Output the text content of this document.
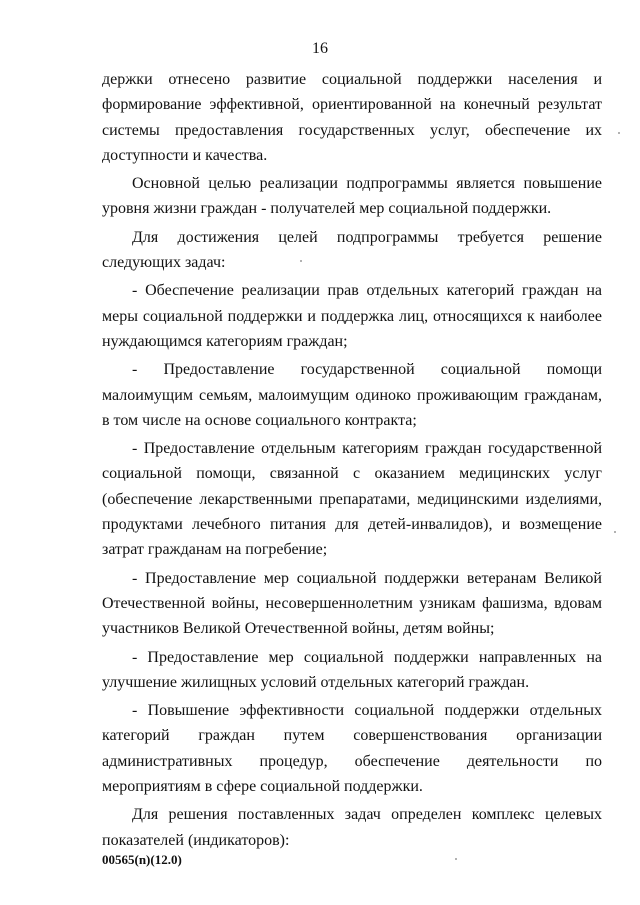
16

держки отнесено развитие социальной поддержки населения и формирование эффективной, ориентированной на конечный результат системы предоставления государственных услуг, обеспечение их доступности и качества.

Основной целью реализации подпрограммы является повышение уровня жизни граждан - получателей мер социальной поддержки.

Для достижения целей подпрограммы требуется решение следующих задач:

- Обеспечение реализации прав отдельных категорий граждан на меры социальной поддержки и поддержка лиц, относящихся к наиболее нуждающимся категориям граждан;

- Предоставление государственной социальной помощи малоимущим семьям, малоимущим одиноко проживающим гражданам, в том числе на основе социального контракта;

- Предоставление отдельным категориям граждан государственной социальной помощи, связанной с оказанием медицинских услуг (обеспечение лекарственными препаратами, медицинскими изделиями, продуктами лечебного питания для детей-инвалидов), и возмещение затрат гражданам на погребение;

- Предоставление мер социальной поддержки ветеранам Великой Отечественной войны, несовершеннолетним узникам фашизма, вдовам участников Великой Отечественной войны, детям войны;

- Предоставление мер социальной поддержки направленных на улучшение жилищных условий отдельных категорий граждан.

- Повышение эффективности социальной поддержки отдельных категорий граждан путем совершенствования организации административных процедур, обеспечение деятельности по мероприятиям в сфере социальной поддержки.

Для решения поставленных задач определен комплекс целевых показателей (индикаторов):

00565(n)(12.0)
